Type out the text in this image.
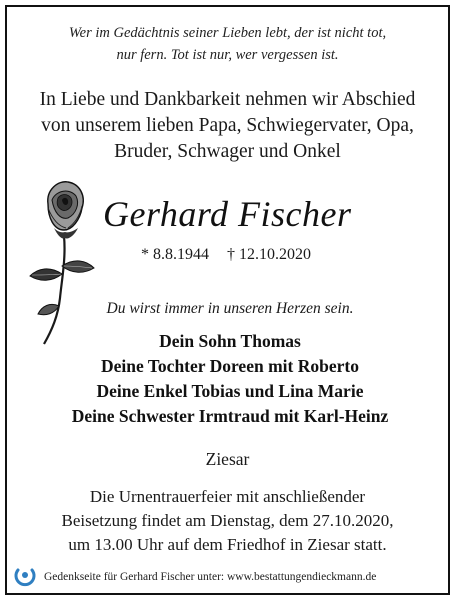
Wer im Gedächtnis seiner Lieben lebt, der ist nicht tot,
nur fern. Tot ist nur, wer vergessen ist.
In Liebe und Dankbarkeit nehmen wir Abschied
von unserem lieben Papa, Schwiegervater, Opa,
Bruder, Schwager und Onkel
Gerhard Fischer
* 8.8.1944 † 12.10.2020
Du wirst immer in unseren Herzen sein.
Dein Sohn Thomas
Deine Tochter Doreen mit Roberto
Deine Enkel Tobias und Lina Marie
Deine Schwester Irmtraud mit Karl-Heinz
Ziesar
Die Urnentrauerfeier mit anschließender
Beisetzung findet am Dienstag, dem 27.10.2020,
um 13.00 Uhr auf dem Friedhof in Ziesar statt.
Gedenkseite für Gerhard Fischer unter: www.bestattungendieckmann.de
